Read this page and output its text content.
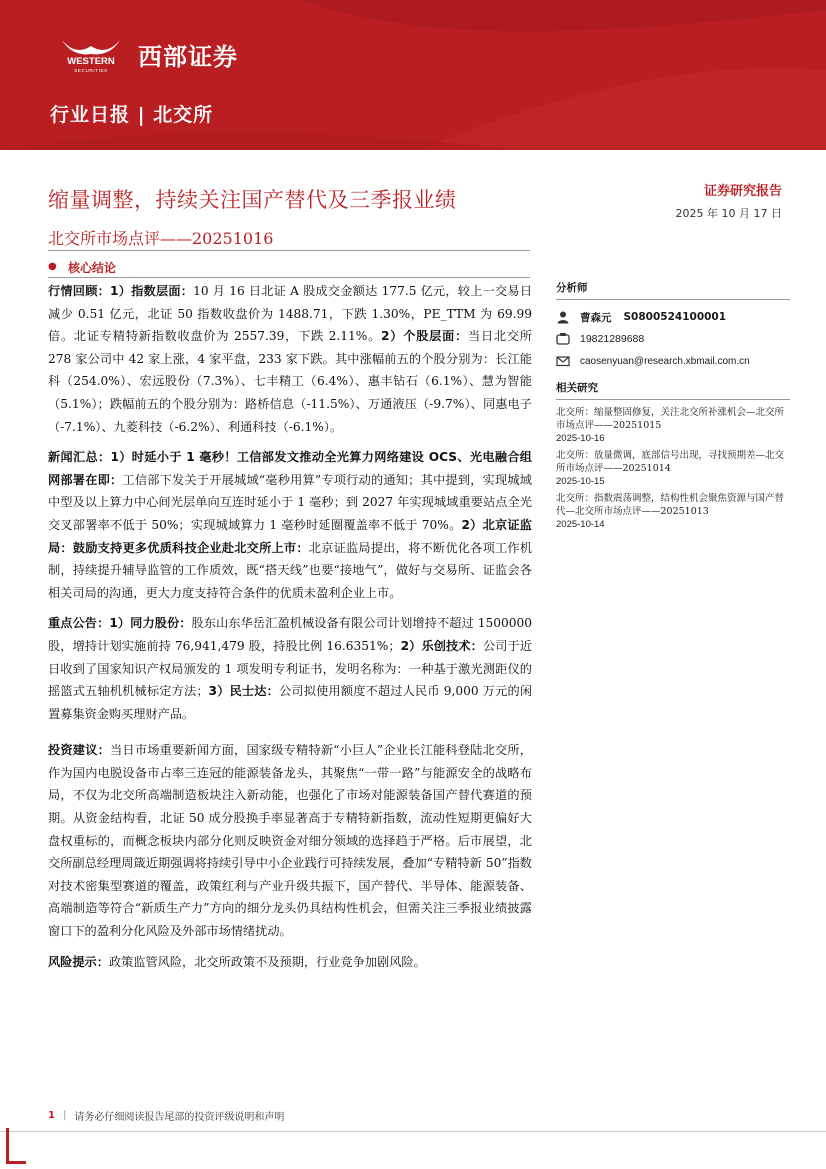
WESTERN
SECURITIES 西部证券
行业日报 | 北交所
缩量调整，持续关注国产替代及三季报业绩
北交所市场点评——20251016
证券研究报告
2025 年 10 月 17 日
● 核心结论

行情回顾：1）指数层面：10 月 16 日北证 A 股成交金额达 177.5 亿元，较上一交易日减少 0.51 亿元，北证 50 指数收盘价为 1488.71，下跌 1.30%，PE_TTM 为 69.99 倍。北证专精特新指数收盘价为 2557.39，下跌 2.11%。2）个股层面：当日北交所 278 家公司中 42 家上涨，4 家平盘，233 家下跌。其中涨幅前五的个股分别为：长江能科（254.0%）、宏远股份（7.3%）、七丰精工（6.4%）、惠丰钻石（6.1%）、慧为智能（5.1%）；跌幅前五的个股分别为：路桥信息（-11.5%）、万通液压（-9.7%）、同惠电子（-7.1%）、九菱科技（-6.2%）、利通科技（-6.1%）。

新闻汇总：1）时延小于 1 毫秒！工信部发文推动全光算力网络建设 OCS、光电融合组网部署在即：工信部下发关于开展城域“毫秒用算”专项行动的通知；其中提到，实现城域中型及以上算力中心间光层单向互连时延小于 1 毫秒；到 2027 年实现城域重要站点全光交叉部署率不低于 50%；实现城域算力 1 毫秒时延圈覆盖率不低于 70%。2）北京证监局：鼓励支持更多优质科技企业赴北交所上市：北京证监局提出，将不断优化各项工作机制，持续提升辅导监管的工作质效，既“搭天线”也要“接地气”，做好与交易所、证监会各相关司局的沟通，更大力度支持符合条件的优质未盈利企业上市。

重点公告：1）同力股份：股东山东华岳汇盈机械设备有限公司计划增持不超过 1500000 股，增持计划实施前持 76,941,479 股，持股比例 16.6351%；2）乐创技术：公司于近日收到了国家知识产权局颁发的 1 项发明专利证书，发明名称为：一种基于激光测距仪的摇篮式五轴机机械标定方法；3）民士达：公司拟使用额度不超过人民币 9,000 万元的闲置募集资金购买理财产品。

投资建议：当日市场重要新闻方面，国家级专精特新“小巨人”企业长江能科登陆北交所，作为国内电脱设备市占率三连冠的能源装备龙头，其聚焦“一带一路”与能源安全的战略布局，不仅为北交所高端制造板块注入新动能，也强化了市场对能源装备国产替代赛道的预期。从资金结构看，北证 50 成分股换手率显著高于专精特新指数，流动性短期更偏好大盘权重标的，而概念板块内部分化则反映资金对细分领域的选择趋于严格。后市展望，北交所副总经理周箴近期强调将持续引导中小企业践行可持续发展，叠加“专精特新 50”指数对技术密集型赛道的覆盖，政策红利与产业升级共振下，国产替代、半导体、能源装备、高端制造等符合“新质生产力”方向的细分龙头仍具结构性机会，但需关注三季报业绩披露窗口下的盈利分化风险及外部市场情绪扰动。

风险提示：政策监管风险，北交所政策不及预期，行业竞争加剧风险。

分析师
曹森元 S0800524100001
19821289688
caosenyuan@research.xbmail.com.cn
相关研究
北交所：缩量整固修复，关注北交所补涨机会—北交所市场点评——20251015
2025-10-16
北交所：放量微调，底部信号出现，寻找预期差—北交所市场点评——20251014
2025-10-15
北交所：指数震荡调整，结构性机会聚焦资源与国产替代—北交所市场点评——20251013
2025-10-14
1 | 请务必仔细阅读报告尾部的投资评级说明和声明
